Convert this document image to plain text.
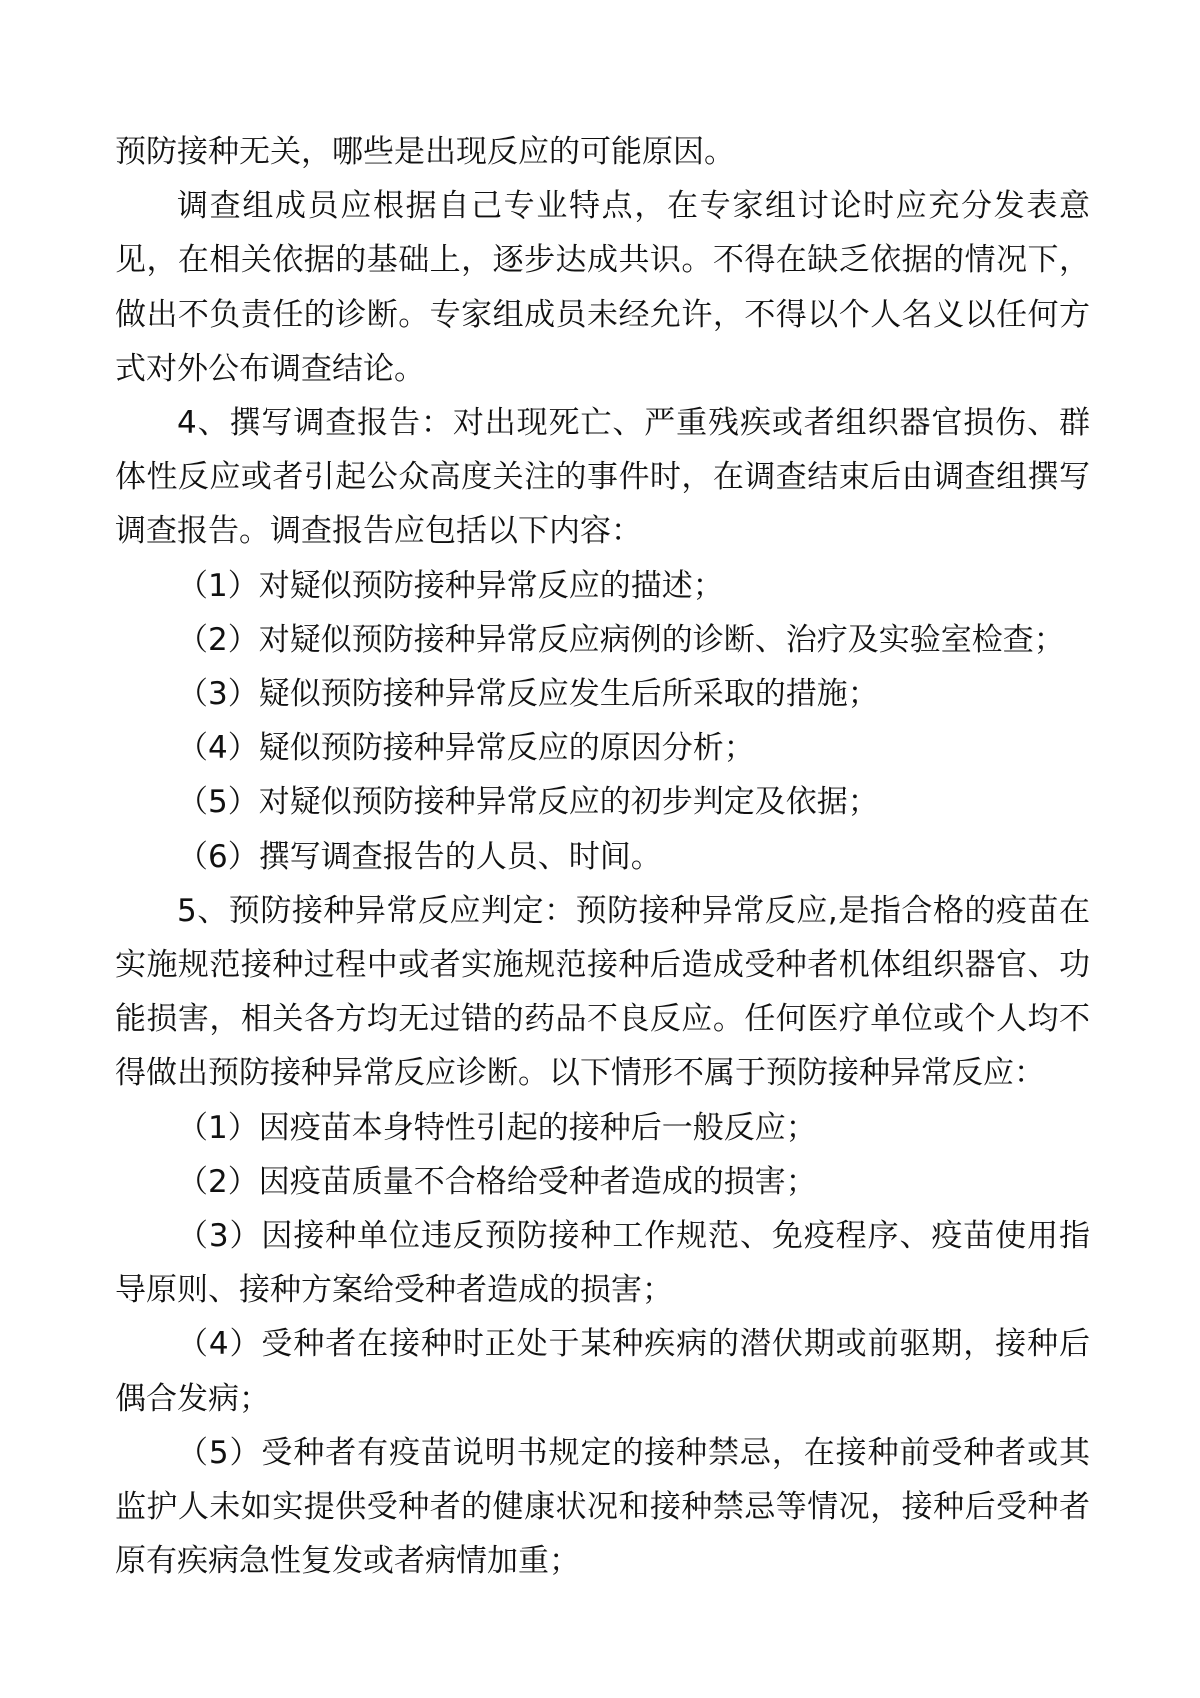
预防接种无关，哪些是出现反应的可能原因。

调查组成员应根据自己专业特点，在专家组讨论时应充分发表意见，在相关依据的基础上，逐步达成共识。不得在缺乏依据的情况下，做出不负责任的诊断。专家组成员未经允许，不得以个人名义以任何方式对外公布调查结论。

4、撰写调查报告：对出现死亡、严重残疾或者组织器官损伤、群体性反应或者引起公众高度关注的事件时，在调查结束后由调查组撰写调查报告。调查报告应包括以下内容：

（1）对疑似预防接种异常反应的描述；

（2）对疑似预防接种异常反应病例的诊断、治疗及实验室检查；

（3）疑似预防接种异常反应发生后所采取的措施；

（4）疑似预防接种异常反应的原因分析；

（5）对疑似预防接种异常反应的初步判定及依据；

（6）撰写调查报告的人员、时间。

5、预防接种异常反应判定：预防接种异常反应,是指合格的疫苗在实施规范接种过程中或者实施规范接种后造成受种者机体组织器官、功能损害，相关各方均无过错的药品不良反应。任何医疗单位或个人均不得做出预防接种异常反应诊断。以下情形不属于预防接种异常反应：

（1）因疫苗本身特性引起的接种后一般反应；

（2）因疫苗质量不合格给受种者造成的损害；

（3）因接种单位违反预防接种工作规范、免疫程序、疫苗使用指导原则、接种方案给受种者造成的损害；

（4）受种者在接种时正处于某种疾病的潜伏期或前驱期，接种后偶合发病；

（5）受种者有疫苗说明书规定的接种禁忌，在接种前受种者或其监护人未如实提供受种者的健康状况和接种禁忌等情况，接种后受种者原有疾病急性复发或者病情加重；
